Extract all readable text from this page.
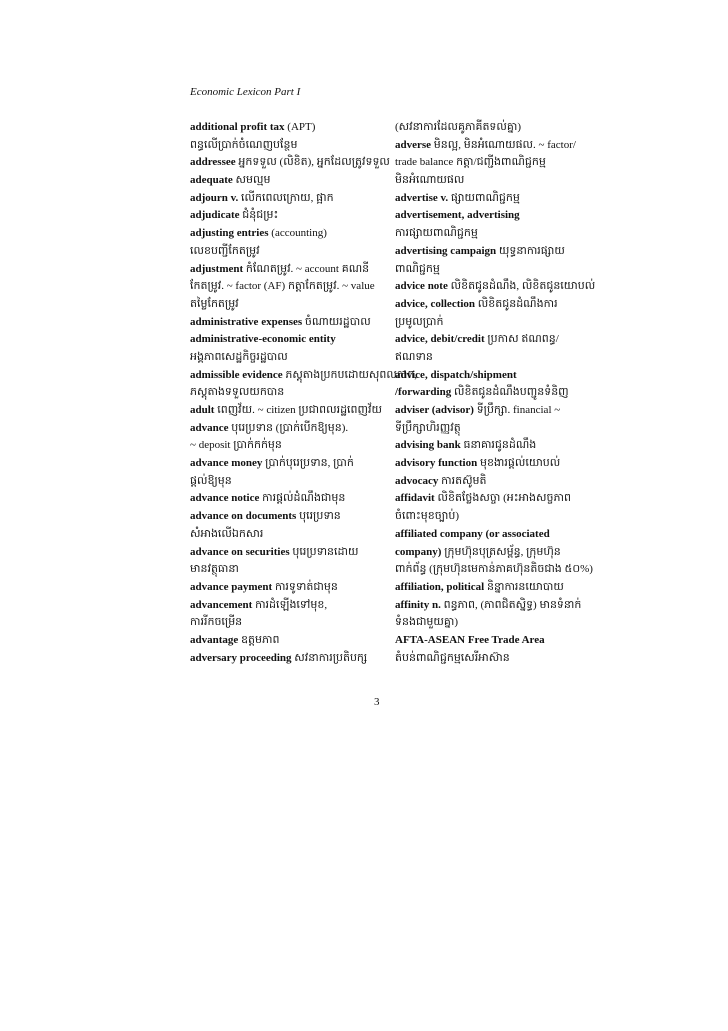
Economic Lexicon Part I
additional profit tax (APT)
ពន្ធលើប្រាក់ចំណេញបន្ថែម
addressee អ្នកទទួល (លិខិត), អ្នកដែលត្រូវទទួល
adequate សមល្មម
adjourn v. លើកពេលក្រោយ, ផ្អាក
adjudicate ជំនុំជម្រះ
adjusting entries (accounting)
លេខបញ្ជីកែតម្រូវ
adjustment កំណែតម្រូវ. ~ account គណនី
កែតម្រូវ. ~ factor (AF) កត្តាកែតម្រូវ. ~ value
តម្លៃកែតម្រូវ
administrative expenses ចំណាយរដ្ឋបាល
administrative-economic entity
អង្គភាពសេដ្ឋកិច្ចរដ្ឋបាល
admissible evidence ភស្តុតាងប្រកបដោយសុពលភាព,
ភស្តុតាងទទួលយកបាន
adult ពេញវ័យ. ~ citizen ប្រជាពលរដ្ឋពេញវ័យ
advance បុរេប្រទាន (ប្រាក់បើកឱ្យមុន).
~ deposit ប្រាក់កក់មុន
advance money ប្រាក់បុរេប្រទាន, ប្រាក់
ផ្តល់ឱ្យមុន
advance notice ការផ្តល់ដំណឹងជាមុន
advance on documents បុរេប្រទាន
សំអាងលើឯកសារ
advance on securities បុរេប្រទានដោយ
មានវត្ថុធានា
advance payment ការទូទាត់ជាមុន
advancement ការដំឡើងទៅមុខ,
ការរីកចម្រើន
advantage ឧត្តមភាព
adversary proceeding សវនាការប្រតិបក្ស
(សវនាការដែលគូភាគីតទល់គ្នា)
adverse មិនល្អ, មិនអំណោយផល. ~ factor/
trade balance កត្តា/ជញ្ជីងពាណិជ្ជកម្ម
មិនអំណោយផល
advertise v. ផ្សាយពាណិជ្ជកម្ម
advertisement, advertising
ការផ្សាយពាណិជ្ជកម្ម
advertising campaign យុទ្ធនាការផ្សាយ
ពាណិជ្ជកម្ម
advice note លិខិតជូនដំណឹង, លិខិតជូនយោបល់
advice, collection លិខិតជូនដំណឹងការ
ប្រមូលប្រាក់
advice, debit/credit ប្រកាស ឥណពន្ធ/
ឥណទាន
advice, dispatch/shipment
/forwarding លិខិតជូនដំណឹងបញ្ជូនទំនិញ
adviser (advisor) ទីប្រឹក្សា. financial ~
ទីប្រឹក្សាហិរញ្ញវត្ថុ
advising bank ធនាគារជូនដំណឹង
advisory function មុខងារផ្តល់យោបល់
advocacy ការតស៊ូមតិ
affidavit លិខិតថ្លែងសច្ចា (អះអាងសច្ចភាព
ចំពោះមុខច្បាប់)
affiliated company (or associated
company) ក្រុមហ៊ុនបុត្រសម្ព័ន្ធ, ក្រុមហ៊ុន
ពាក់ព័ន្ធ (ក្រុមហ៊ុនមេកាន់ភាគហ៊ុនតិចជាង ៥០%)
affiliation, political និន្នាការនយោបាយ
affinity n. ពន្ធភាព, (ភាពជិតស្និទ្ធ) មានទំនាក់
ទំនងជាមួយគ្នា)
AFTA-ASEAN Free Trade Area
តំបន់ពាណិជ្ជកម្មសេរីអាស៊ាន
3
